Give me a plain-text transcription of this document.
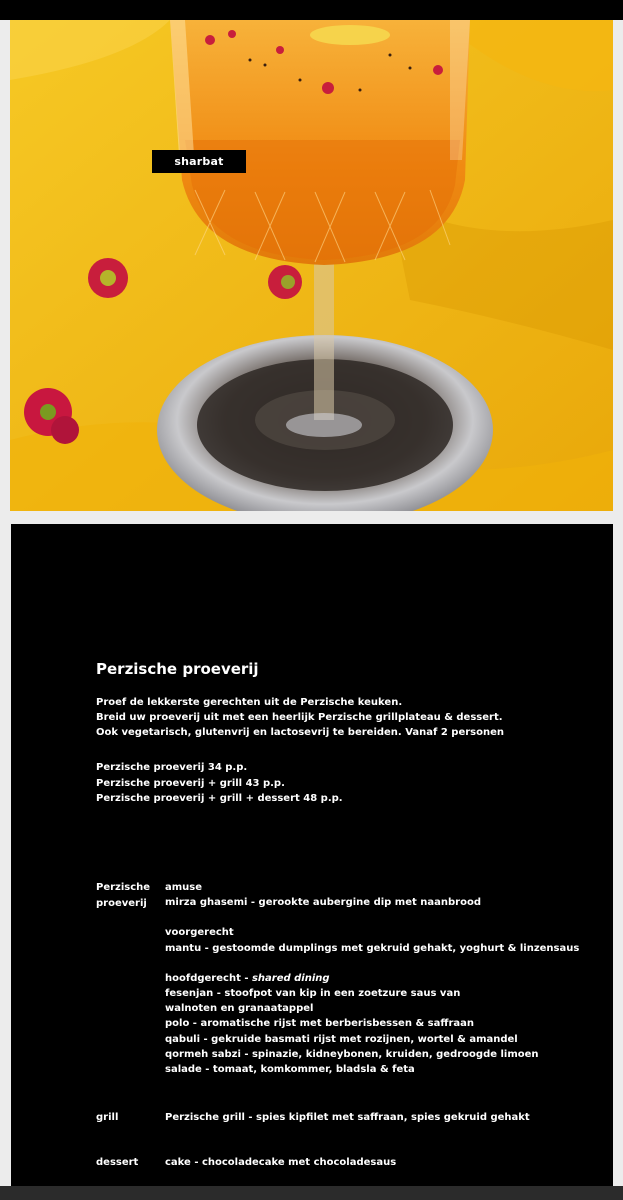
sharbat
Perzische proeverij
Proef de lekkerste gerechten uit de Perzische keuken.
Breid uw proeverij uit met een heerlijk Perzische grillplateau & dessert.
Ook vegetarisch, glutenvrij en lactosevrij te bereiden. Vanaf 2 personen
Perzische proeverij 34 p.p.
Perzische proeverij + grill 43 p.p.
Perzische proeverij + grill + dessert 48 p.p.
Perzische
proeverij
amuse
mirza ghasemi - gerookte aubergine dip met naanbrood
voorgerecht
mantu - gestoomde dumplings met gekruid gehakt, yoghurt & linzensaus
hoofdgerecht - shared dining
fesenjan - stoofpot van kip in een zoetzure saus van
walnoten en granaatappel
polo - aromatische rijst met berberisbessen & saffraan
qabuli - gekruide basmati rijst met rozijnen, wortel & amandel
qormeh sabzi - spinazie, kidneybonen, kruiden, gedroogde limoen
salade - tomaat, komkommer, bladsla & feta
grill	Perzische grill - spies kipfilet met saffraan, spies gekruid gehakt
dessert	cake - chocoladecake met chocoladesaus
